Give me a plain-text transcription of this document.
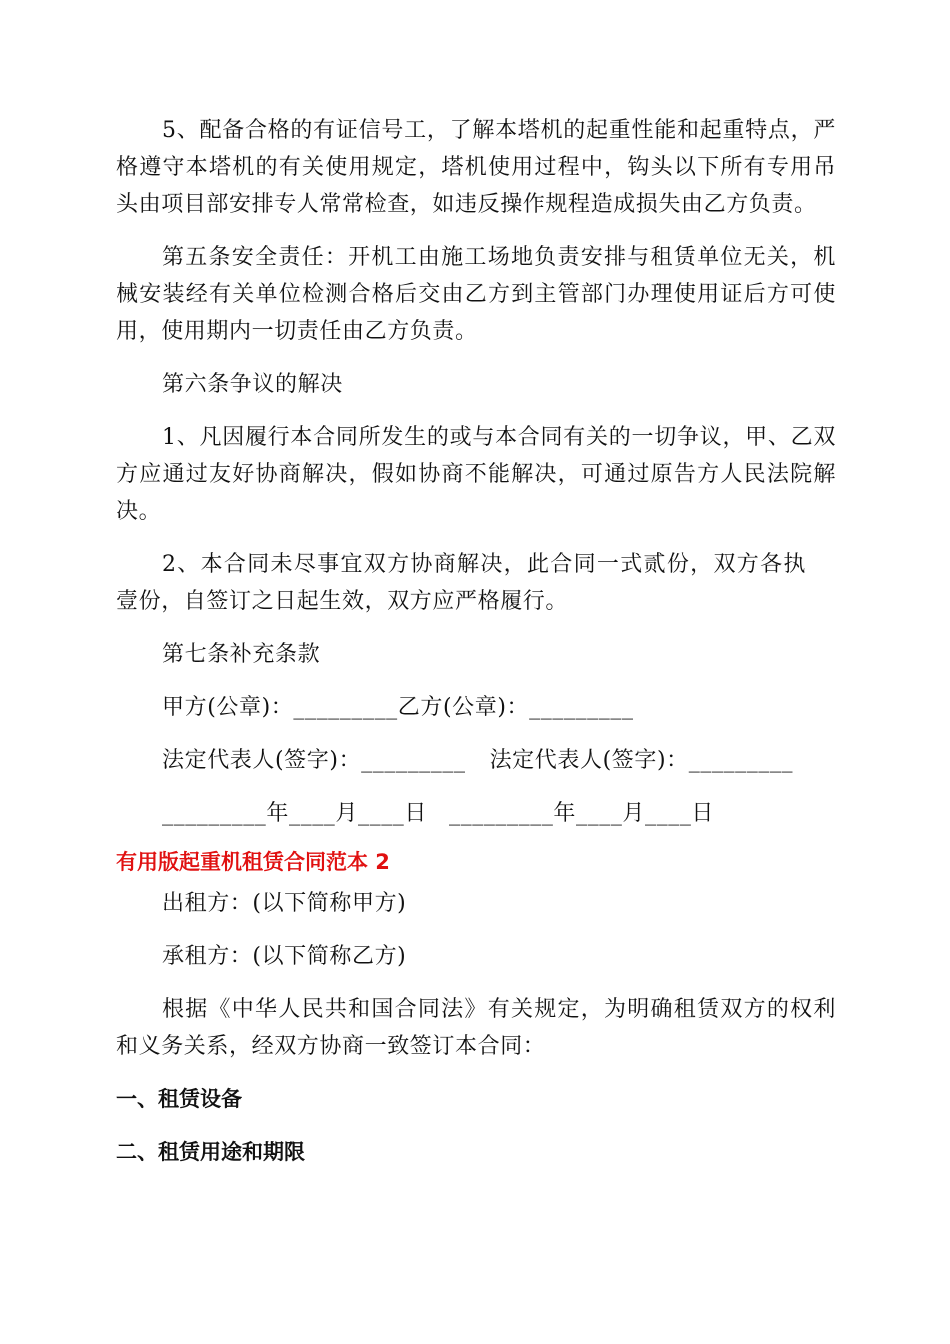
5、配备合格的有证信号工，了解本塔机的起重性能和起重特点，严格遵守本塔机的有关使用规定，塔机使用过程中，钩头以下所有专用吊头由项目部安排专人常常检查，如违反操作规程造成损失由乙方负责。

第五条安全责任：开机工由施工场地负责安排与租赁单位无关，机械安装经有关单位检测合格后交由乙方到主管部门办理使用证后方可使用，使用期内一切责任由乙方负责。

第六条争议的解决

1、凡因履行本合同所发生的或与本合同有关的一切争议，甲、乙双方应通过友好协商解决，假如协商不能解决，可通过原告方人民法院解决。

2、本合同未尽事宜双方协商解决，此合同一式贰份，双方各执壹份，自签订之日起生效，双方应严格履行。

第七条补充条款

甲方(公章)：_________ 乙方(公章)：_________
法定代表人(签字)：_________ 法定代表人(签字)：_________
_________年____月____日 _________年____月____日
有用版起重机租赁合同范本 2

出租方：(以下简称甲方)

承租方：(以下简称乙方)

根据《中华人民共和国合同法》有关规定，为明确租赁双方的权利和义务关系，经双方协商一致签订本合同：

一、租赁设备
二、租赁用途和期限
